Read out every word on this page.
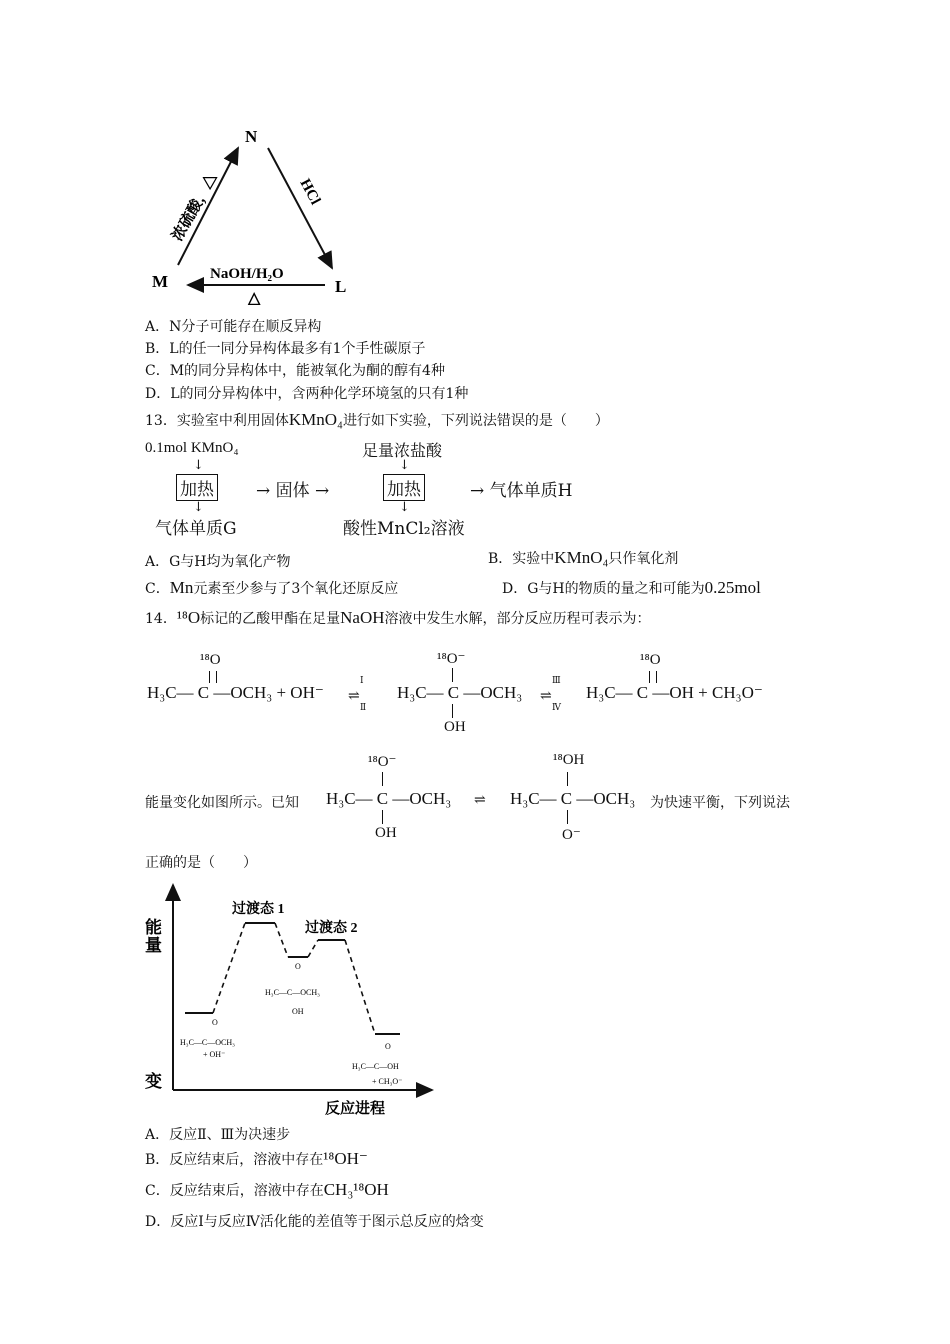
N
M	L
浓硫酸，△	HCl
NaOH/H₂O
△
A．N分子可能存在顺反异构
B．L的任一同分异构体最多有1个手性碳原子
C．M的同分异构体中，能被氧化为酮的醇有4种
D．L的同分异构体中，含两种化学环境氢的只有1种
13．实验室中利用固体KMnO₄进行如下实验，下列说法错误的是（　　）
0.1mol KMnO₄	足量浓盐酸
↓	↓
加热 → 固体 →	加热	→ 气体单质H
↓	↓
气体单质G	酸性MnCl₂溶液
A．G与H均为氧化产物	B．实验中KMnO₄只作氧化剂
C．Mn元素至少参与了3个氧化还原反应	D．G与H的物质的量之和可能为0.25mol
14．¹⁸O标记的乙酸甲酯在足量NaOH溶液中发生水解，部分反应历程可表示为：
¹⁸O
H₃C— C —OCH₃ + OH⁻
Ⅰ
⇌
Ⅱ
¹⁸O⁻
H₃C— C —OCH₃
OH
Ⅲ
⇌
Ⅳ
¹⁸O
H₃C— C —OH + CH₃O⁻
能量变化如图所示。已知
¹⁸O⁻
H₃C— C —OCH₃
OH
⇌
¹⁸OH
H₃C— C —OCH₃
O⁻
为快速平衡，下列说法
正确的是（　　）
能
量
变
反应进程
过渡态 1
过渡态 2
O
H₃C—C—OCH₃
+ OH⁻
O
H₃C—C—OCH₃
OH
O
H₃C—C—OH
+ CH₃O⁻
A．反应Ⅱ、Ⅲ为决速步
B．反应结束后，溶液中存在¹⁸OH⁻
C．反应结束后，溶液中存在CH₃¹⁸OH
D．反应Ⅰ与反应Ⅳ活化能的差值等于图示总反应的焓变
